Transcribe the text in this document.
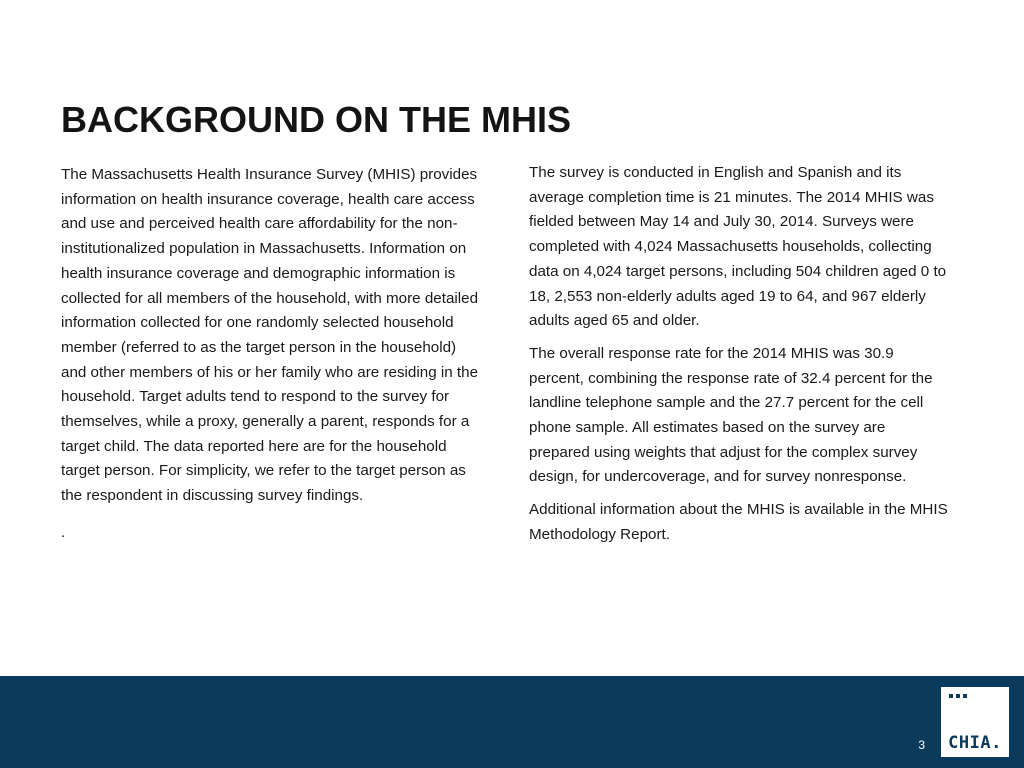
BACKGROUND ON THE MHIS

The Massachusetts Health Insurance Survey (MHIS) provides information on health insurance coverage, health care access and use and perceived health care affordability for the non-institutionalized population in Massachusetts. Information on health insurance coverage and demographic information is collected for all members of the household, with more detailed information collected for one randomly selected household member (referred to as the target person in the household) and other members of his or her family who are residing in the household. Target adults tend to respond to the survey for themselves, while a proxy, generally a parent, responds for a target child. The data reported here are for the household target person. For simplicity, we refer to the target person as the respondent in discussing survey findings.

.

The survey is conducted in English and Spanish and its average completion time is 21 minutes. The 2014 MHIS was fielded between May 14 and July 30, 2014. Surveys were completed with 4,024 Massachusetts households, collecting data on 4,024 target persons, including 504 children aged 0 to 18, 2,553 non-elderly adults aged 19 to 64, and 967 elderly adults aged 65 and older.

The overall response rate for the 2014 MHIS was 30.9 percent, combining the response rate of 32.4 percent for the landline telephone sample and the 27.7 percent for the cell phone sample. All estimates based on the survey are prepared using weights that adjust for the complex survey design, for undercoverage, and for survey nonresponse.

Additional information about the MHIS is available in the MHIS Methodology Report.

3	CHIA.
